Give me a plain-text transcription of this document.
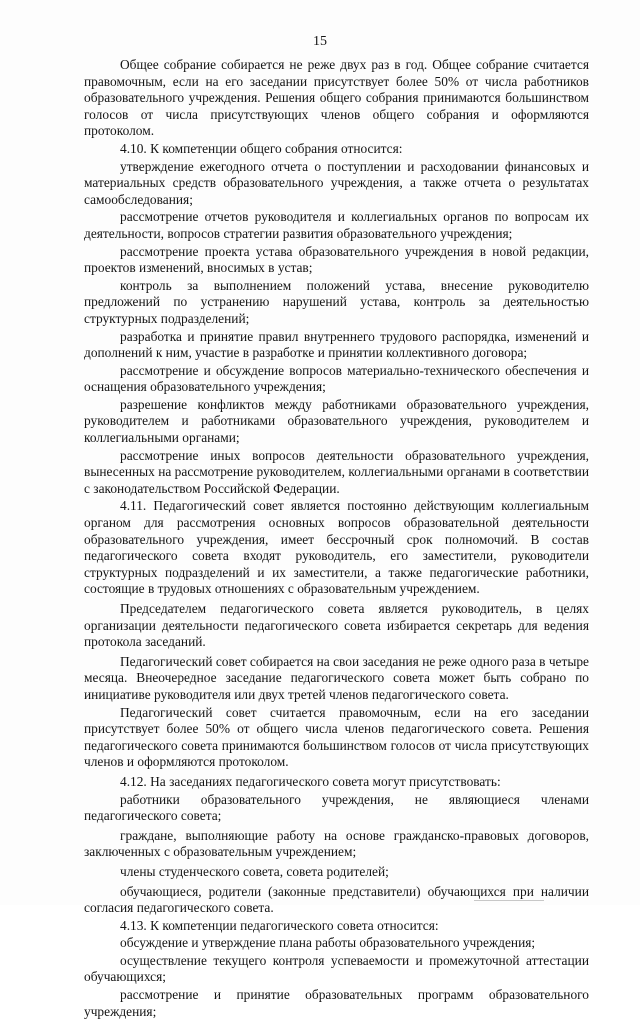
15

Общее собрание собирается не реже двух раз в год. Общее собрание считается правомочным, если на его заседании присутствует более 50% от числа работников образовательного учреждения. Решения общего собрания принимаются большинством голосов от числа присутствующих членов общего собрания и оформляются протоколом.

4.10. К компетенции общего собрания относится:

утверждение ежегодного отчета о поступлении и расходовании финансовых и материальных средств образовательного учреждения, а также отчета о результатах самообследования;

рассмотрение отчетов руководителя и коллегиальных органов по вопросам их деятельности, вопросов стратегии развития образовательного учреждения;

рассмотрение проекта устава образовательного учреждения в новой редакции, проектов изменений, вносимых в устав;

контроль за выполнением положений устава, внесение руководителю предложений по устранению нарушений устава, контроль за деятельностью структурных подразделений;

разработка и принятие правил внутреннего трудового распорядка, изменений и дополнений к ним, участие в разработке и принятии коллективного договора;

рассмотрение и обсуждение вопросов материально-технического обеспечения и оснащения образовательного учреждения;

разрешение конфликтов между работниками образовательного учреждения, руководителем и работниками образовательного учреждения, руководителем и коллегиальными органами;

рассмотрение иных вопросов деятельности образовательного учреждения, вынесенных на рассмотрение руководителем, коллегиальными органами в соответствии с законодательством Российской Федерации.

4.11. Педагогический совет является постоянно действующим коллегиальным органом для рассмотрения основных вопросов образовательной деятельности образовательного учреждения, имеет бессрочный срок полномочий. В состав педагогического совета входят руководитель, его заместители, руководители структурных подразделений и их заместители, а также педагогические работники, состоящие в трудовых отношениях с образовательным учреждением.

Председателем педагогического совета является руководитель, в целях организации деятельности педагогического совета избирается секретарь для ведения протокола заседаний.

Педагогический совет собирается на свои заседания не реже одного раза в четыре месяца. Внеочередное заседание педагогического совета может быть собрано по инициативе руководителя или двух третей членов педагогического совета.

Педагогический совет считается правомочным, если на его заседании присутствует более 50% от общего числа членов педагогического совета. Решения педагогического совета принимаются большинством голосов от числа присутствующих членов и оформляются протоколом.

4.12. На заседаниях педагогического совета могут присутствовать:

работники образовательного учреждения, не являющиеся членами педагогического совета;

граждане, выполняющие работу на основе гражданско-правовых договоров, заключенных с образовательным учреждением;

члены студенческого совета, совета родителей;

обучающиеся, родители (законные представители) обучающихся при наличии согласия педагогического совета.

4.13. К компетенции педагогического совета относится:

обсуждение и утверждение плана работы образовательного учреждения;

осуществление текущего контроля успеваемости и промежуточной аттестации обучающихся;

рассмотрение и принятие образовательных программ образовательного учреждения;
